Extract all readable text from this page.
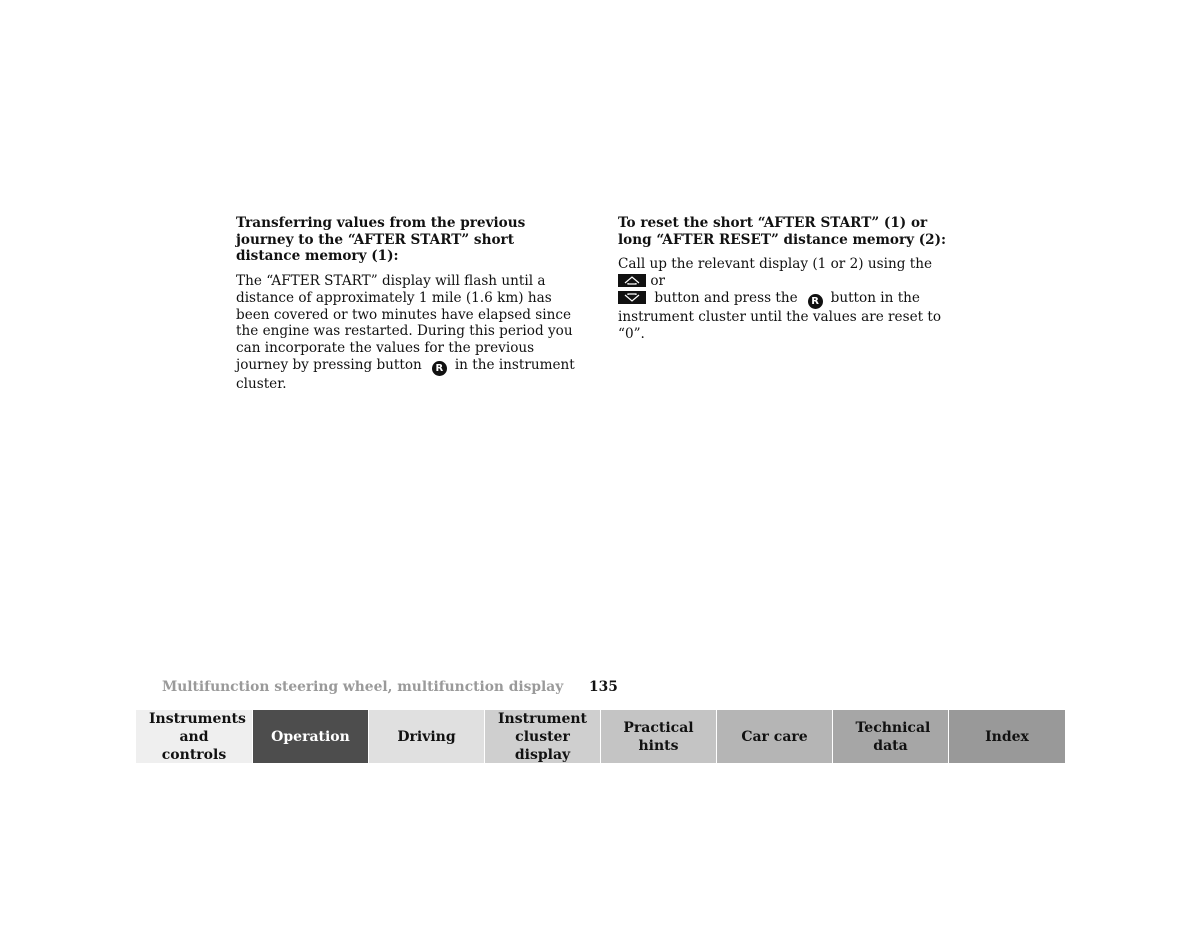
Transferring values from the previous journey to the “AFTER START” short distance memory (1):

The “AFTER START” display will flash until a distance of approximately 1 mile (1.6 km) has been covered or two minutes have elapsed since the engine was restarted. During this period you can incorporate the values for the previous journey by pressing button R in the instrument cluster.

To reset the short “AFTER START” (1) or long “AFTER RESET” distance memory (2):

Call up the relevant display (1 or 2) using the
or

button and press the R button in the instrument cluster until the values are reset to “0”.

Multifunction steering wheel, multifunction display 135
Instruments and controls
Operation	Driving
Instrument cluster display
Practical hints
Car care
Technical data
Index
